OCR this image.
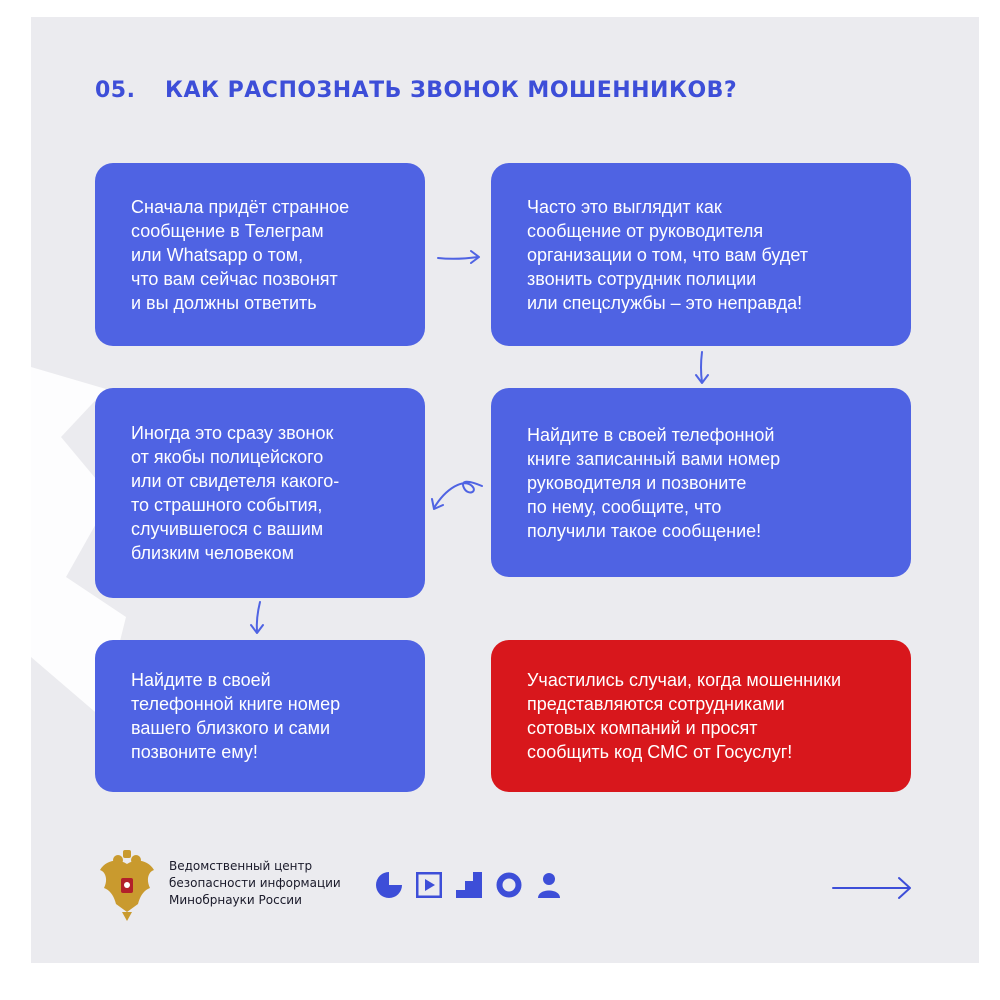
05. КАК РАСПОЗНАТЬ ЗВОНОК МОШЕННИКОВ?
Сначала придёт странное
сообщение в Телеграм
или Whatsapp о том,
что вам сейчас позвонят
и вы должны ответить
Часто это выглядит как
сообщение от руководителя
организации о том, что вам будет
звонить сотрудник полиции
или спецслужбы – это неправда!
Найдите в своей телефонной
книге записанный вами номер
руководителя и позвоните
по нему, сообщите, что
получили такое сообщение!
Иногда это сразу звонок
от якобы полицейского
или от свидетеля какого-
то страшного события,
случившегося с вашим
близким человеком
Найдите в своей
телефонной книге номер
вашего близкого и сами
позвоните ему!
Участились случаи, когда мошенники
представляются сотрудниками
сотовых компаний и просят
сообщить код СМС от Госуслуг!
Ведомственный центр
безопасности информации
Минобрнауки России
